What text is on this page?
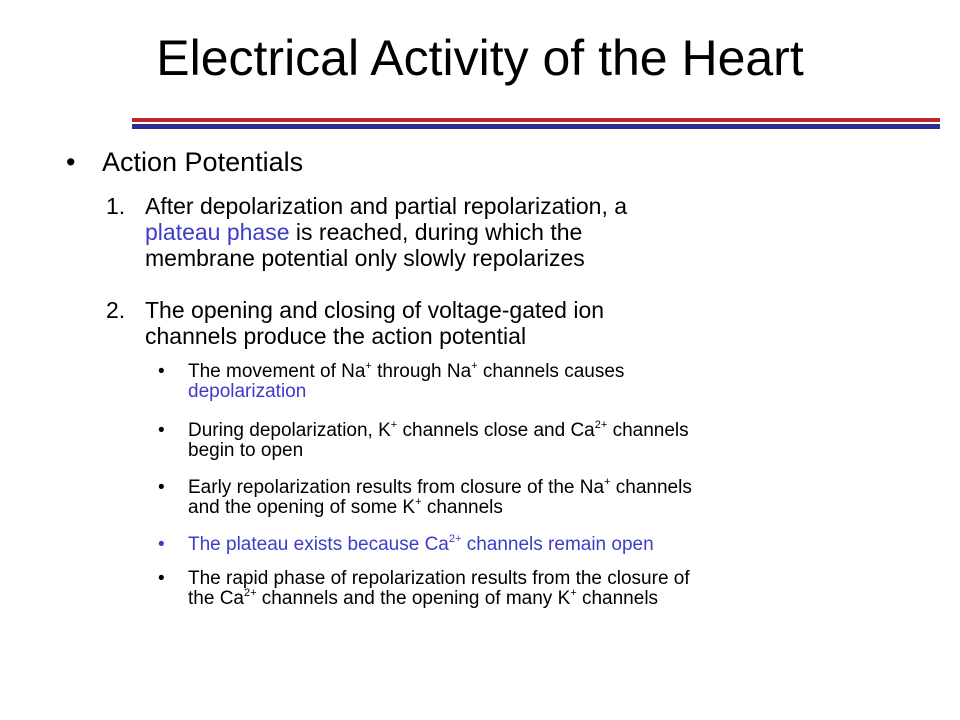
Electrical Activity of the Heart
• Action Potentials
1. After depolarization and partial repolarization, a
plateau phase is reached, during which the
membrane potential only slowly repolarizes
2. The opening and closing of voltage-gated ion
channels produce the action potential
• The movement of Na+ through Na+ channels causes
depolarization
• During depolarization, K+ channels close and $Ca^{2+}$ channels
begin to open
• Early repolarization results from closure of the Na+ channels
and the opening of some K+ channels
• The plateau exists because $Ca^{2+}$ channels remain open
• The rapid phase of repolarization results from the closure of
the $Ca^{2+}$ channels and the opening of many K+ channels
